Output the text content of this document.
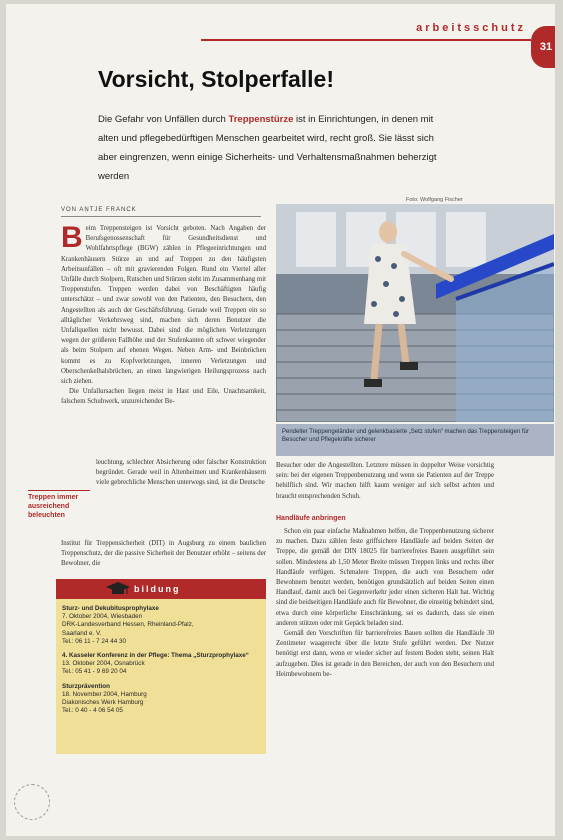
arbeitsschutz
31
Vorsicht, Stolperfalle!

Die Gefahr von Unfällen durch Treppenstürze ist in Einrichtungen, in denen mit alten und pflegebedürftigen Menschen gearbeitet wird, recht groß. Sie lässt sich aber eingrenzen, wenn einige Sicherheits- und Verhaltensmaßnahmen beherzigt werden

Foto: Wolfgang Fischer
VON ANTJE FRANCK

Beim Treppensteigen ist Vorsicht geboten. Nach Angaben der Berufsgenossenschaft für Gesundheitsdienst und Wohlfahrtspflege (BGW) zählen in Pflegeeinrichtungen und Krankenhäusern Stürze an und auf Treppen zu den häufigsten Arbeitsunfällen – oft mit gravierenden Folgen. Rund ein Viertel aller Unfälle durch Stolpern, Rutschen und Stürzen steht im Zusammenhang mit Treppenstufen. Treppen werden dabei von Beschäftigten häufig unterschätzt – und zwar sowohl von den Patienten, den Besuchern, den Angestellten als auch der Geschäftsführung. Gerade weil Treppen ein so alltäglicher Verkehrsweg sind, machen sich deren Benutzer die Unfallquellen nicht bewusst. Dabei sind die möglichen Verletzungen wegen der größeren Fallhöhe und der Stufenkanten oft schwer wiegender als beim Stolpern auf ebenen Wegen. Neben Arm- und Beinbrüchen kommt es zu Kopfverletzungen, inneren Verletzungen und Oberschenkelhalsbrüchen, an einen langwierigen Heilungsprozess nach sich ziehen.

Die Unfallursachen liegen meist in Hast und Eile, Unachtsamkeit, falschem Schuhwerk, unzureichender Be-

Treppen immer ausreichend beleuchten
leuchtung, schlechter Absicherung oder falscher Konstruktion begründet. Gerade weil in Altenheimen und Krankenhäusern viele gebrechliche Menschen unterwegs sind, ist die Deutsche
Institut für Treppensicherheit (DIT) in Augsburg zu einem baulichen Treppenschutz, der die passive Sicherheit der Benutzer erhöht – seitens der Bewohner, die
Pendelter Treppengeländer und gelenkbasierte „Setz stufen“ machen das Treppensteigen für Besucher und Pflegekräfte sicherer

Besucher oder die Angestellten. Letztere müssen in doppelter Weise vorsichtig sein: bei der eigenen Treppenbenutzung und wenn sie Patienten auf der Treppe behilflich sind. Wir machen hilft kaum weniger auf sich selbst achten und braucht entsprechenden Schuh.

Handläufe anbringen

Schon ein paar einfache Maßnahmen helfen, die Treppenbenutzung sicherer zu machen. Dazu zählen feste griffsichere Handläufe auf beiden Seiten der Treppe, die gemäß der DIN 18025 für barrierefreies Bauen ausgeführt sein sollen. Mindestens ab 1,50 Meter Breite müssen Treppen links und rechts über Handläufe verfügen. Schmalere Treppen, die auch von Besuchern oder Bewohnern benutzt werden, benötigen grundsätzlich auf beiden Seiten einen Handlauf, damit auch bei Gegenverkehr jeder einen sicheren Halt hat. Wichtig sind die beidseitigen Handläufe auch für Bewohner, die einseitig behindert sind, etwa durch eine körperliche Einschränkung, sei es dadurch, dass sie einen anderen stützen oder mit Gepäck beladen sind.

Gemäß den Vorschriften für barrierefreies Bauen sollten die Handläufe 30 Zentimeter waagerecht über die letzte Stufe geführt werden. Der Nutzer benötigt erst dann, wenn er wieder sicher auf festem Boden steht, seinen Halt aufzugeben. Dies ist gerade in den Bereichen, der auch von den Besuchern und Heimbewohnern be-

bildung
Sturz- und Dekubitusprophylaxe
7. Oktober 2004, Wiesbaden
DRK-Landesverband Hessen, Rheinland-Pfalz,
Saarland e. V.
Tel.: 06 11 - 7 24 44 30
4. Kasseler Konferenz in der Pflege: Thema „Sturzprophylaxe“
13. Oktober 2004, Osnabrück
Tel.: 05 41 - 9 69 20 04
Sturzprävention
18. November 2004, Hamburg
Diakonisches Werk Hamburg
Tel.: 0 40 - 4 06 54 05
